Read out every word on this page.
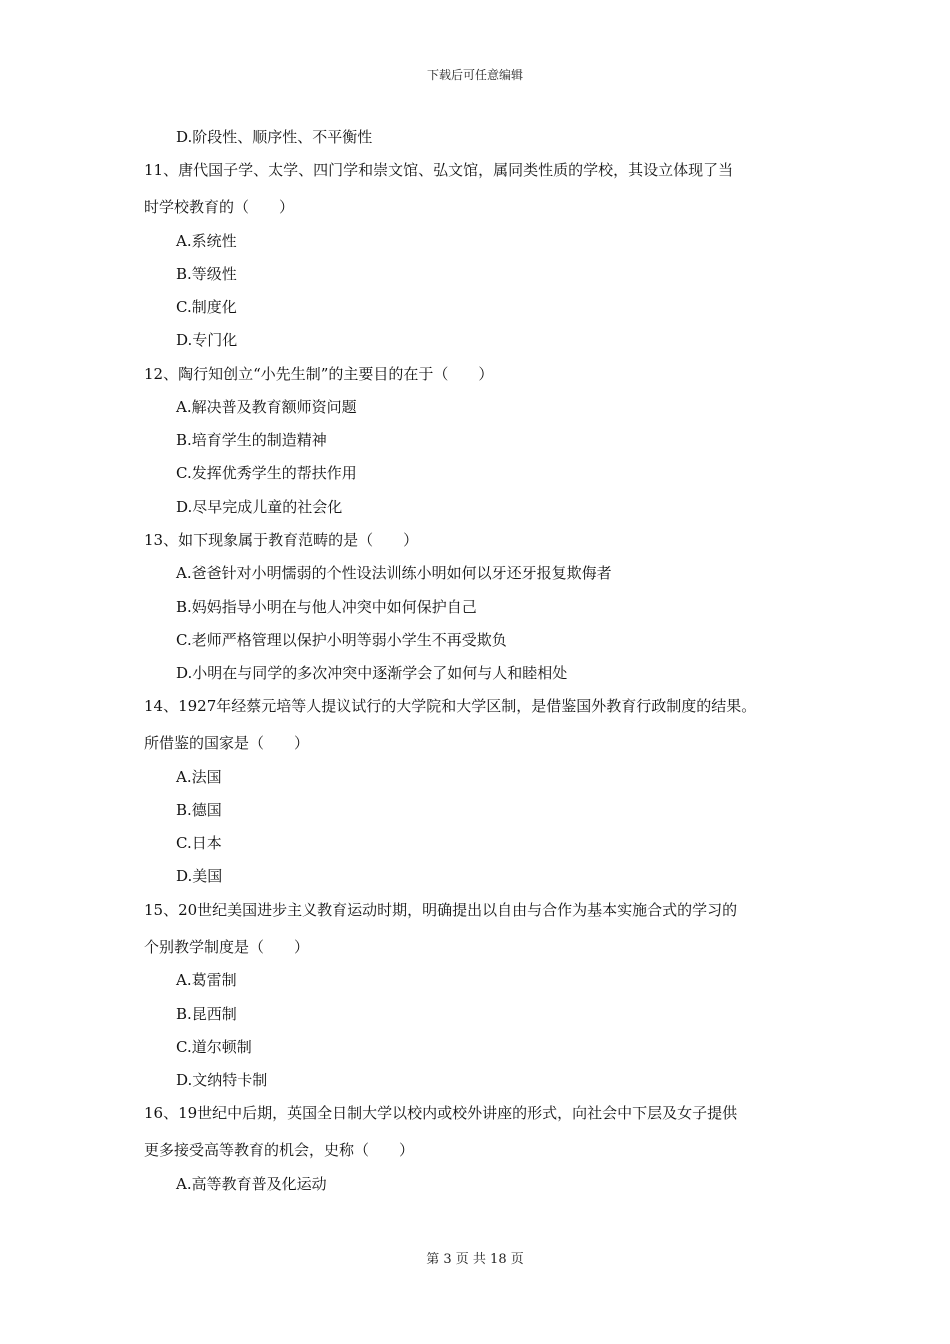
下载后可任意编辑
D.阶段性、顺序性、不平衡性
11、唐代国子学、太学、四门学和崇文馆、弘文馆，属同类性质的学校，其设立体现了当
时学校教育的（　　）
A.系统性
B.等级性
C.制度化
D.专门化
12、陶行知创立“小先生制”的主要目的在于（　　）
A.解决普及教育额师资问题
B.培育学生的制造精神
C.发挥优秀学生的帮扶作用
D.尽早完成儿童的社会化
13、如下现象属于教育范畴的是（　　）
A.爸爸针对小明懦弱的个性设法训练小明如何以牙还牙报复欺侮者
B.妈妈指导小明在与他人冲突中如何保护自己
C.老师严格管理以保护小明等弱小学生不再受欺负
D.小明在与同学的多次冲突中逐渐学会了如何与人和睦相处
14、1927年经蔡元培等人提议试行的大学院和大学区制，是借鉴国外教育行政制度的结果。
所借鉴的国家是（　　）
A.法国
B.德国
C.日本
D.美国
15、20世纪美国进步主义教育运动时期，明确提出以自由与合作为基本实施合式的学习的
个别教学制度是（　　）
A.葛雷制
B.昆西制
C.道尔顿制
D.文纳特卡制
16、19世纪中后期，英国全日制大学以校内或校外讲座的形式，向社会中下层及女子提供
更多接受高等教育的机会，史称（　　）
A.高等教育普及化运动
第 3 页 共 18 页
